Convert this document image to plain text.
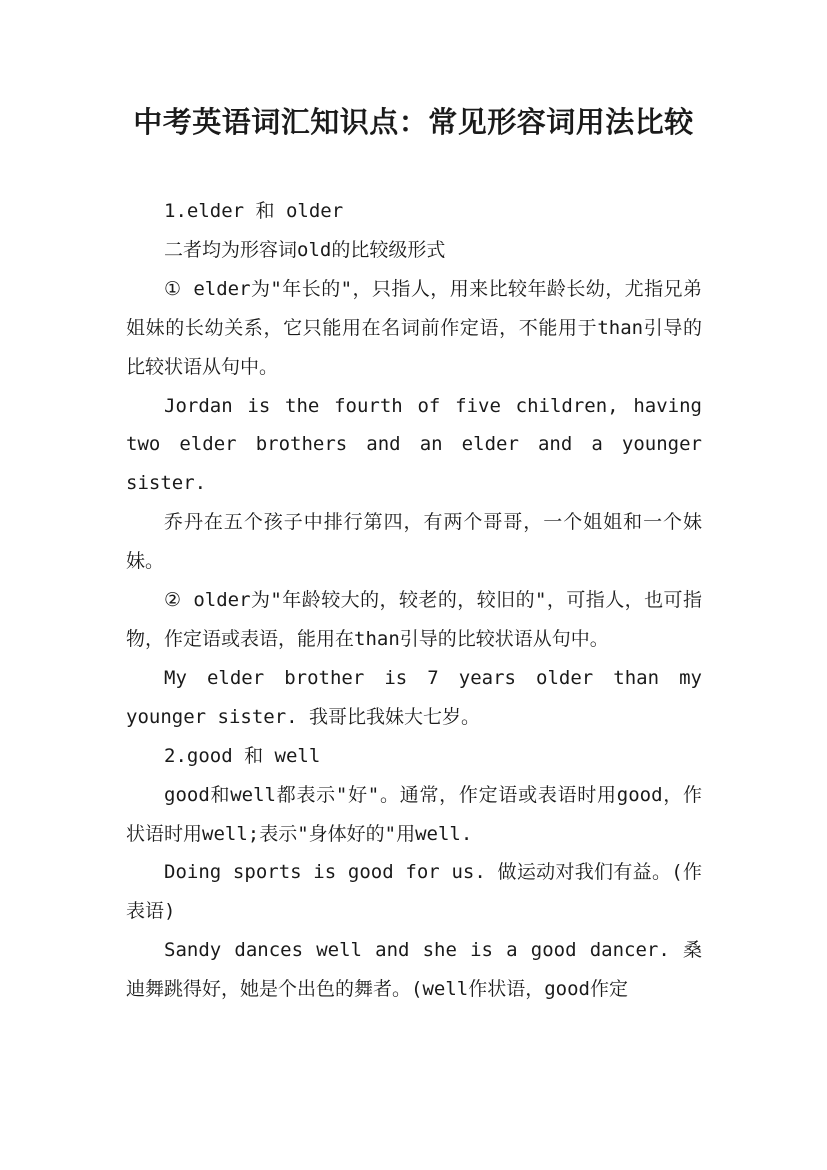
中考英语词汇知识点：常见形容词用法比较

1.elder 和 older

二者均为形容词old的比较级形式

① elder为"年长的"，只指人，用来比较年龄长幼，尤指兄弟姐妹的长幼关系，它只能用在名词前作定语，不能用于than引导的比较状语从句中。

Jordan is the fourth of five children, having two elder brothers and an elder and a younger sister.

乔丹在五个孩子中排行第四，有两个哥哥，一个姐姐和一个妹妹。

② older为"年龄较大的，较老的，较旧的"，可指人，也可指物，作定语或表语，能用在than引导的比较状语从句中。

My elder brother is 7 years older than my younger sister. 我哥比我妹大七岁。

2.good 和 well

good和well都表示"好"。通常，作定语或表语时用good，作状语时用well;表示"身体好的"用well.

Doing sports is good for us. 做运动对我们有益。(作表语)

Sandy dances well and she is a good dancer. 桑迪舞跳得好，她是个出色的舞者。(well作状语，good作定
